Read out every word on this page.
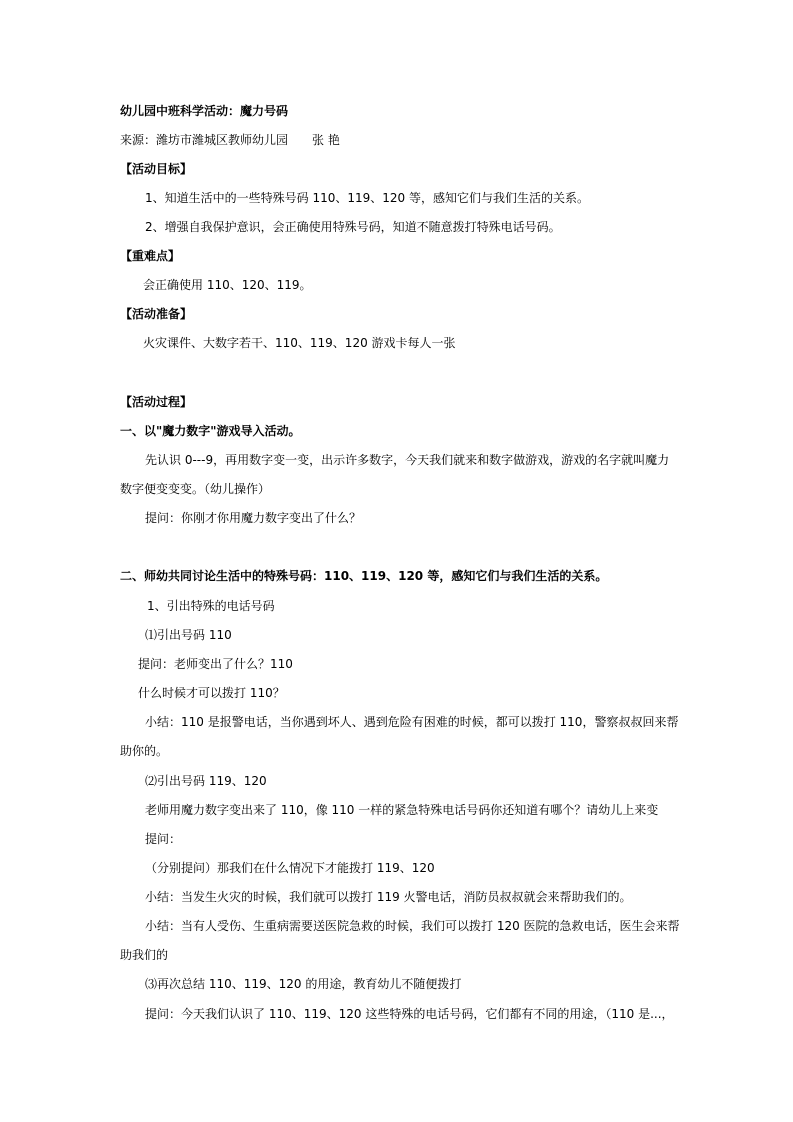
幼儿园中班科学活动：魔力号码
来源：潍坊市潍城区教师幼儿园　　张 艳
【活动目标】
1、知道生活中的一些特殊号码 110、119、120 等，感知它们与我们生活的关系。
2、增强自我保护意识，会正确使用特殊号码，知道不随意拨打特殊电话号码。
【重难点】
会正确使用 110、120、119。
【活动准备】
火灾课件、大数字若干、110、119、120 游戏卡每人一张
【活动过程】
一、以"魔力数字"游戏导入活动。
先认识 0---9，再用数字变一变，出示许多数字，今天我们就来和数字做游戏，游戏的名字就叫魔力
数字便变变变。（幼儿操作）
提问：你刚才你用魔力数字变出了什么？
二、师幼共同讨论生活中的特殊号码：110、119、120 等，感知它们与我们生活的关系。
1、引出特殊的电话号码
⑴引出号码 110
提问：老师变出了什么？110
什么时候才可以拨打 110？
小结：110 是报警电话，当你遇到坏人、遇到危险有困难的时候，都可以拨打 110，警察叔叔回来帮
助你的。
⑵引出号码 119、120
老师用魔力数字变出来了 110，像 110 一样的紧急特殊电话号码你还知道有哪个？请幼儿上来变
提问：
（分别提问）那我们在什么情况下才能拨打 119、120
小结：当发生火灾的时候，我们就可以拨打 119 火警电话，消防员叔叔就会来帮助我们的。
小结：当有人受伤、生重病需要送医院急救的时候，我们可以拨打 120 医院的急救电话，医生会来帮
助我们的
⑶再次总结 110、119、120 的用途，教育幼儿不随便拨打
提问：今天我们认识了 110、119、120 这些特殊的电话号码，它们都有不同的用途，（110 是...，
